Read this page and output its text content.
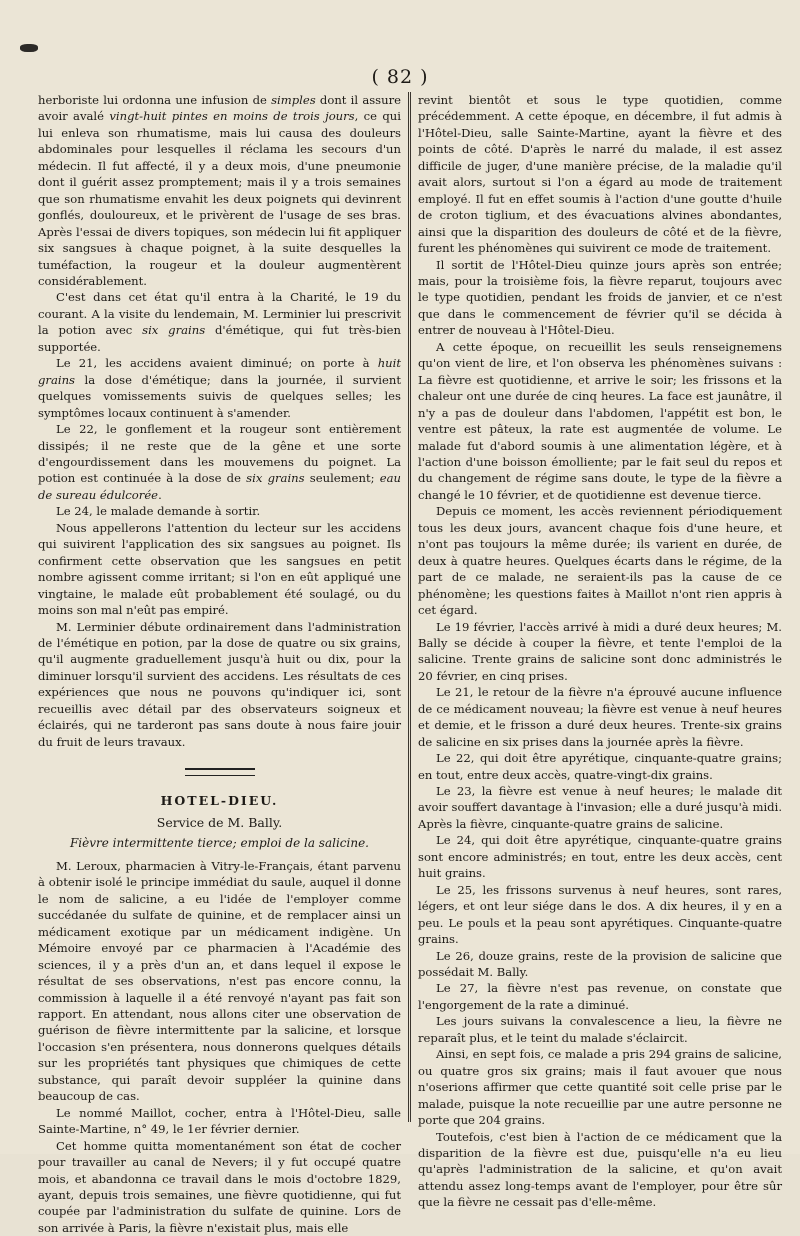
( 82 )

herboriste lui ordonna une infusion de simples dont il assure avoir avalé vingt-huit pintes en moins de trois jours, ce qui lui enleva son rhumatisme, mais lui causa des douleurs abdominales pour lesquelles il réclama les secours d'un médecin. Il fut affecté, il y a deux mois, d'une pneumonie dont il guérit assez promptement; mais il y a trois semaines que son rhumatisme envahit les deux poignets qui devinrent gonflés, douloureux, et le privèrent de l'usage de ses bras. Après l'essai de divers topiques, son médecin lui fit appliquer six sangsues à chaque poignet, à la suite desquelles la tuméfaction, la rougeur et la douleur augmentèrent considérablement.

C'est dans cet état qu'il entra à la Charité, le 19 du courant. A la visite du lendemain, M. Lerminier lui prescrivit la potion avec six grains d'émétique, qui fut très-bien supportée.

Le 21, les accidens avaient diminué; on porte à huit grains la dose d'émétique; dans la journée, il survient quelques vomissements suivis de quelques selles; les symptômes locaux continuent à s'amender.

Le 22, le gonflement et la rougeur sont entièrement dissipés; il ne reste que de la gêne et une sorte d'engourdissement dans les mouvemens du poignet. La potion est continuée à la dose de six grains seulement; eau de sureau édulcorée.

Le 24, le malade demande à sortir.

Nous appellerons l'attention du lecteur sur les accidens qui suivirent l'application des six sangsues au poignet. Ils confirment cette observation que les sangsues en petit nombre agissent comme irritant; si l'on en eût appliqué une vingtaine, le malade eût probablement été soulagé, ou du moins son mal n'eût pas empiré.

M. Lerminier débute ordinairement dans l'administration de l'émétique en potion, par la dose de quatre ou six grains, qu'il augmente graduellement jusqu'à huit ou dix, pour la diminuer lorsqu'il survient des accidens. Les résultats de ces expériences que nous ne pouvons qu'indiquer ici, sont recueillis avec détail par des observateurs soigneux et éclairés, qui ne tarderont pas sans doute à nous faire jouir du fruit de leurs travaux.

HOTEL-DIEU.
Service de M. Bally.
Fièvre intermittente tierce; emploi de la salicine.

M. Leroux, pharmacien à Vitry-le-Français, étant parvenu à obtenir isolé le principe immédiat du saule, auquel il donne le nom de salicine, a eu l'idée de l'employer comme succédanée du sulfate de quinine, et de remplacer ainsi un médicament exotique par un médicament indigène. Un Mémoire envoyé par ce pharmacien à l'Académie des sciences, il y a près d'un an, et dans lequel il expose le résultat de ses observations, n'est pas encore connu, la commission à laquelle il a été renvoyé n'ayant pas fait son rapport. En attendant, nous allons citer une observation de guérison de fièvre intermittente par la salicine, et lorsque l'occasion s'en présentera, nous donnerons quelques détails sur les propriétés tant physiques que chimiques de cette substance, qui paraît devoir suppléer la quinine dans beaucoup de cas.

Le nommé Maillot, cocher, entra à l'Hôtel-Dieu, salle Sainte-Martine, n° 49, le 1er février dernier.

Cet homme quitta momentanément son état de cocher pour travailler au canal de Nevers; il y fut occupé quatre mois, et abandonna ce travail dans le mois d'octobre 1829, ayant, depuis trois semaines, une fièvre quotidienne, qui fut coupée par l'administration du sulfate de quinine. Lors de son arrivée à Paris, la fièvre n'existait plus, mais elle

revint bientôt et sous le type quotidien, comme précédemment. A cette époque, en décembre, il fut admis à l'Hôtel-Dieu, salle Sainte-Martine, ayant la fièvre et des points de côté. D'après le narré du malade, il est assez difficile de juger, d'une manière précise, de la maladie qu'il avait alors, surtout si l'on a égard au mode de traitement employé. Il fut en effet soumis à l'action d'une goutte d'huile de croton tiglium, et des évacuations alvines abondantes, ainsi que la disparition des douleurs de côté et de la fièvre, furent les phénomènes qui suivirent ce mode de traitement.

Il sortit de l'Hôtel-Dieu quinze jours après son entrée; mais, pour la troisième fois, la fièvre reparut, toujours avec le type quotidien, pendant les froids de janvier, et ce n'est que dans le commencement de février qu'il se décida à entrer de nouveau à l'Hôtel-Dieu.

A cette époque, on recueillit les seuls renseignemens qu'on vient de lire, et l'on observa les phénomènes suivans : La fièvre est quotidienne, et arrive le soir; les frissons et la chaleur ont une durée de cinq heures. La face est jaunâtre, il n'y a pas de douleur dans l'abdomen, l'appétit est bon, le ventre est pâteux, la rate est augmentée de volume. Le malade fut d'abord soumis à une alimentation légère, et à l'action d'une boisson émolliente; par le fait seul du repos et du changement de régime sans doute, le type de la fièvre a changé le 10 février, et de quotidienne est devenue tierce.

Depuis ce moment, les accès reviennent périodiquement tous les deux jours, avancent chaque fois d'une heure, et n'ont pas toujours la même durée; ils varient en durée, de deux à quatre heures. Quelques écarts dans le régime, de la part de ce malade, ne seraient-ils pas la cause de ce phénomène; les questions faites à Maillot n'ont rien appris à cet égard.

Le 19 février, l'accès arrivé à midi a duré deux heures; M. Bally se décide à couper la fièvre, et tente l'emploi de la salicine. Trente grains de salicine sont donc administrés le 20 février, en cinq prises.

Le 21, le retour de la fièvre n'a éprouvé aucune influence de ce médicament nouveau; la fièvre est venue à neuf heures et demie, et le frisson a duré deux heures. Trente-six grains de salicine en six prises dans la journée après la fièvre.

Le 22, qui doit être apyrétique, cinquante-quatre grains; en tout, entre deux accès, quatre-vingt-dix grains.

Le 23, la fièvre est venue à neuf heures; le malade dit avoir souffert davantage à l'invasion; elle a duré jusqu'à midi. Après la fièvre, cinquante-quatre grains de salicine.

Le 24, qui doit être apyrétique, cinquante-quatre grains sont encore administrés; en tout, entre les deux accès, cent huit grains.

Le 25, les frissons survenus à neuf heures, sont rares, légers, et ont leur siége dans le dos. A dix heures, il y en a peu. Le pouls et la peau sont apyrétiques. Cinquante-quatre grains.

Le 26, douze grains, reste de la provision de salicine que possédait M. Bally.

Le 27, la fièvre n'est pas revenue, on constate que l'engorgement de la rate a diminué.

Les jours suivans la convalescence a lieu, la fièvre ne reparaît plus, et le teint du malade s'éclaircit.

Ainsi, en sept fois, ce malade a pris 294 grains de salicine, ou quatre gros six grains; mais il faut avouer que nous n'oserions affirmer que cette quantité soit celle prise par le malade, puisque la note recueillie par une autre personne ne porte que 204 grains.

Toutefois, c'est bien à l'action de ce médicament que la disparition de la fièvre est due, puisqu'elle n'a eu lieu qu'après l'administration de la salicine, et qu'on avait attendu assez long-temps avant de l'employer, pour être sûr que la fièvre ne cessait pas d'elle-même.
